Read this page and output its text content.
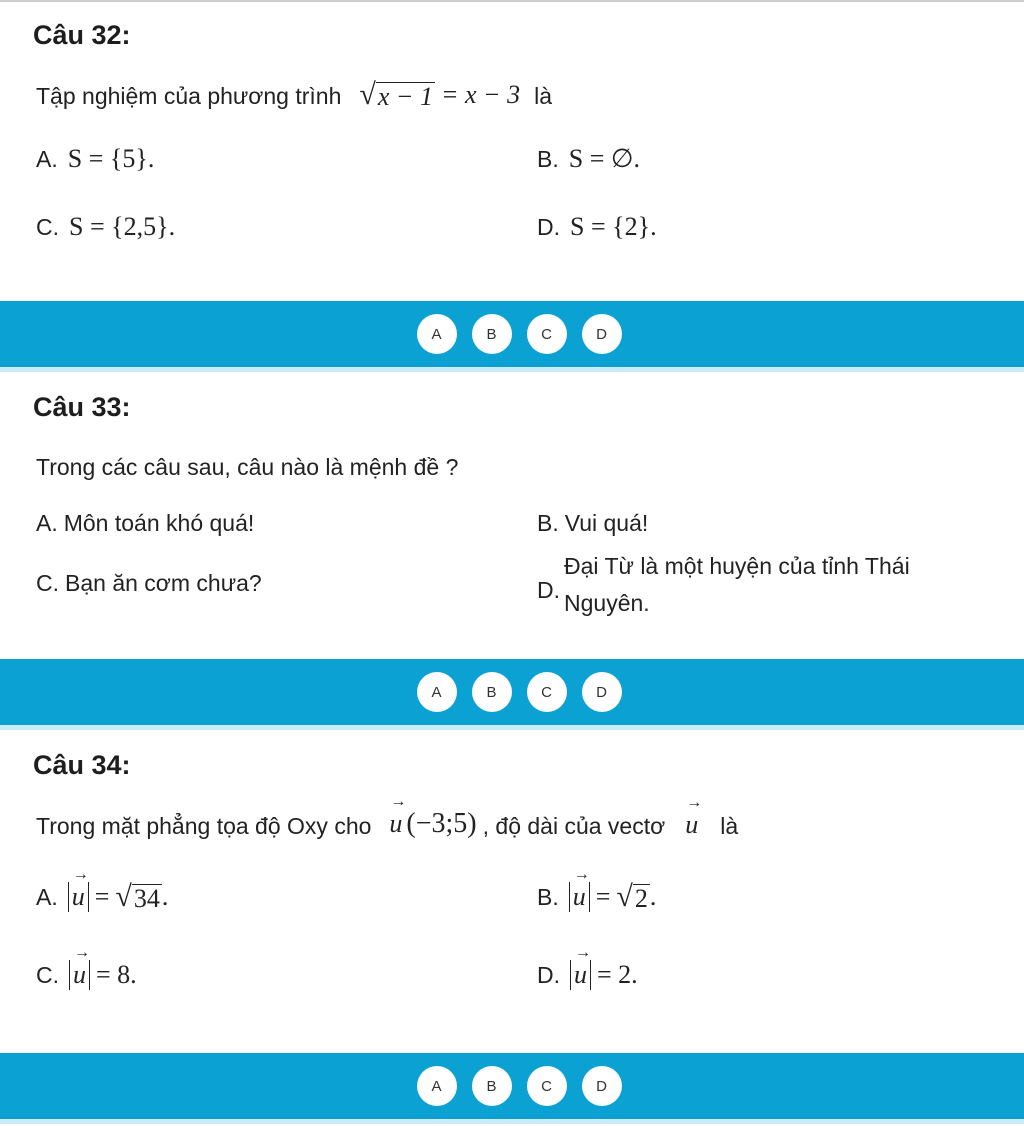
Câu 32:
Tập nghiệm của phương trình √ x − 1 = x − 3 là
A. S = {5}.	B. S = ∅.
C. S = {2,5}.	D. S = {2}.
A	B	C	D
Câu 33:
Trong các câu sau, câu nào là mệnh đề ?
A. Môn toán khó quá!	B. Vui quá!
C. Bạn ăn cơm chưa?	D.
Đại Từ là một huyện của tỉnh Thái
Nguyên.
A	B	C	D
Câu 34:
Trong mặt phẳng tọa độ Oxy cho → u (−3;5) , độ dài của vectơ → u là
A. → u = √ 34 .	B. → u = √ 2 .
C. → u = 8.	D. → u = 2.
A	B	C	D
